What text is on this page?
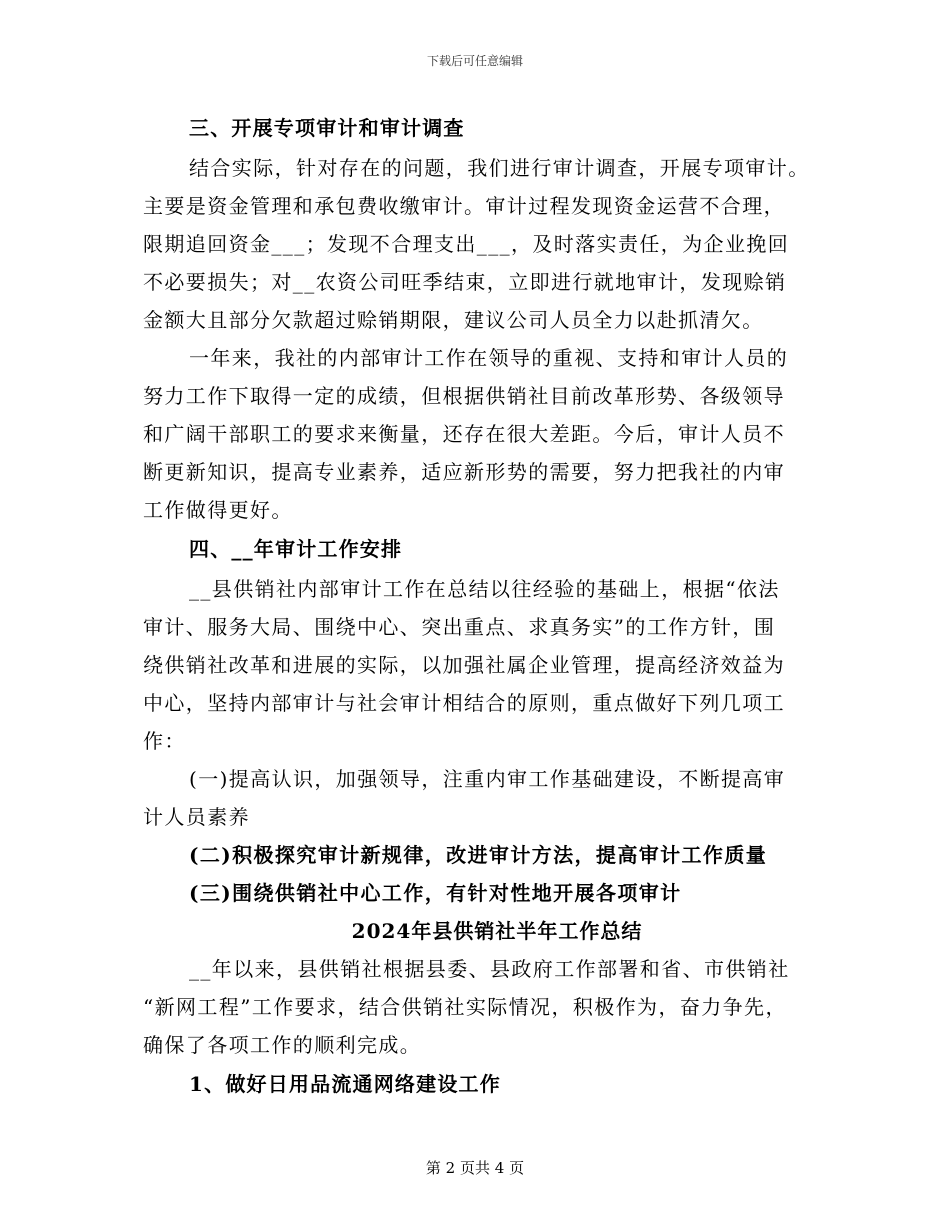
下载后可任意编辑
三、开展专项审计和审计调查
结合实际，针对存在的问题，我们进行审计调查，开展专项审计。
主要是资金管理和承包费收缴审计。审计过程发现资金运营不合理，
限期追回资金___；发现不合理支出___，及时落实责任，为企业挽回
不必要损失；对__农资公司旺季结束，立即进行就地审计，发现赊销
金额大且部分欠款超过赊销期限，建议公司人员全力以赴抓清欠。
一年来，我社的内部审计工作在领导的重视、支持和审计人员的
努力工作下取得一定的成绩，但根据供销社目前改革形势、各级领导
和广阔干部职工的要求来衡量，还存在很大差距。今后，审计人员不
断更新知识，提高专业素养，适应新形势的需要，努力把我社的内审
工作做得更好。
四、__年审计工作安排
__县供销社内部审计工作在总结以往经验的基础上，根据“依法
审计、服务大局、围绕中心、突出重点、求真务实”的工作方针，围
绕供销社改革和进展的实际，以加强社属企业管理，提高经济效益为
中心，坚持内部审计与社会审计相结合的原则，重点做好下列几项工
作：
(一)提高认识，加强领导，注重内审工作基础建设，不断提高审
计人员素养
(二)积极探究审计新规律，改进审计方法，提高审计工作质量
(三)围绕供销社中心工作，有针对性地开展各项审计
2024年县供销社半年工作总结
__年以来，县供销社根据县委、县政府工作部署和省、市供销社
“新网工程”工作要求，结合供销社实际情况，积极作为，奋力争先，
确保了各项工作的顺利完成。
1、做好日用品流通网络建设工作
第 2 页共 4 页
